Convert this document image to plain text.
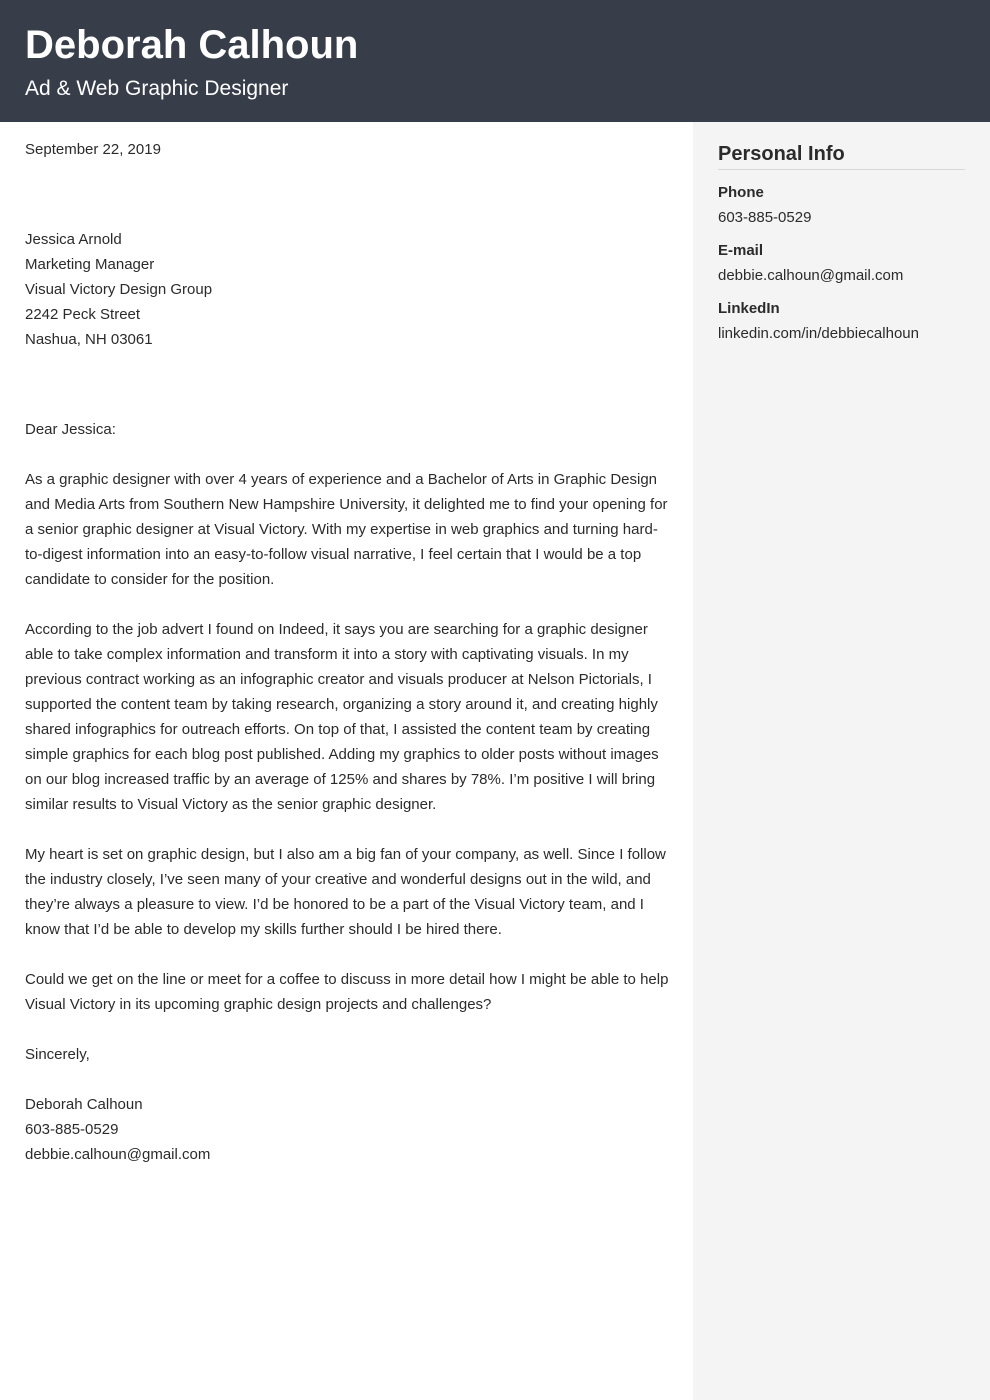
Deborah Calhoun
Ad & Web Graphic Designer

September 22, 2019

Jessica Arnold
Marketing Manager
Visual Victory Design Group
2242 Peck Street
Nashua, NH 03061

Dear Jessica:

As a graphic designer with over 4 years of experience and a Bachelor of Arts in Graphic Design and Media Arts from Southern New Hampshire University, it delighted me to find your opening for a senior graphic designer at Visual Victory. With my expertise in web graphics and turning hard-to-digest information into an easy-to-follow visual narrative, I feel certain that I would be a top candidate to consider for the position.

According to the job advert I found on Indeed, it says you are searching for a graphic designer able to take complex information and transform it into a story with captivating visuals. In my previous contract working as an infographic creator and visuals producer at Nelson Pictorials, I supported the content team by taking research, organizing a story around it, and creating highly shared infographics for outreach efforts. On top of that, I assisted the content team by creating simple graphics for each blog post published. Adding my graphics to older posts without images on our blog increased traffic by an average of 125% and shares by 78%. I’m positive I will bring similar results to Visual Victory as the senior graphic designer.

My heart is set on graphic design, but I also am a big fan of your company, as well. Since I follow the industry closely, I’ve seen many of your creative and wonderful designs out in the wild, and they’re always a pleasure to view. I’d be honored to be a part of the Visual Victory team, and I know that I’d be able to develop my skills further should I be hired there.

Could we get on the line or meet for a coffee to discuss in more detail how I might be able to help Visual Victory in its upcoming graphic design projects and challenges?

Sincerely,

Deborah Calhoun
603-885-0529
debbie.calhoun@gmail.com
Personal Info
Phone
603-885-0529
E-mail
debbie.calhoun@gmail.com
LinkedIn
linkedin.com/in/debbiecalhoun
